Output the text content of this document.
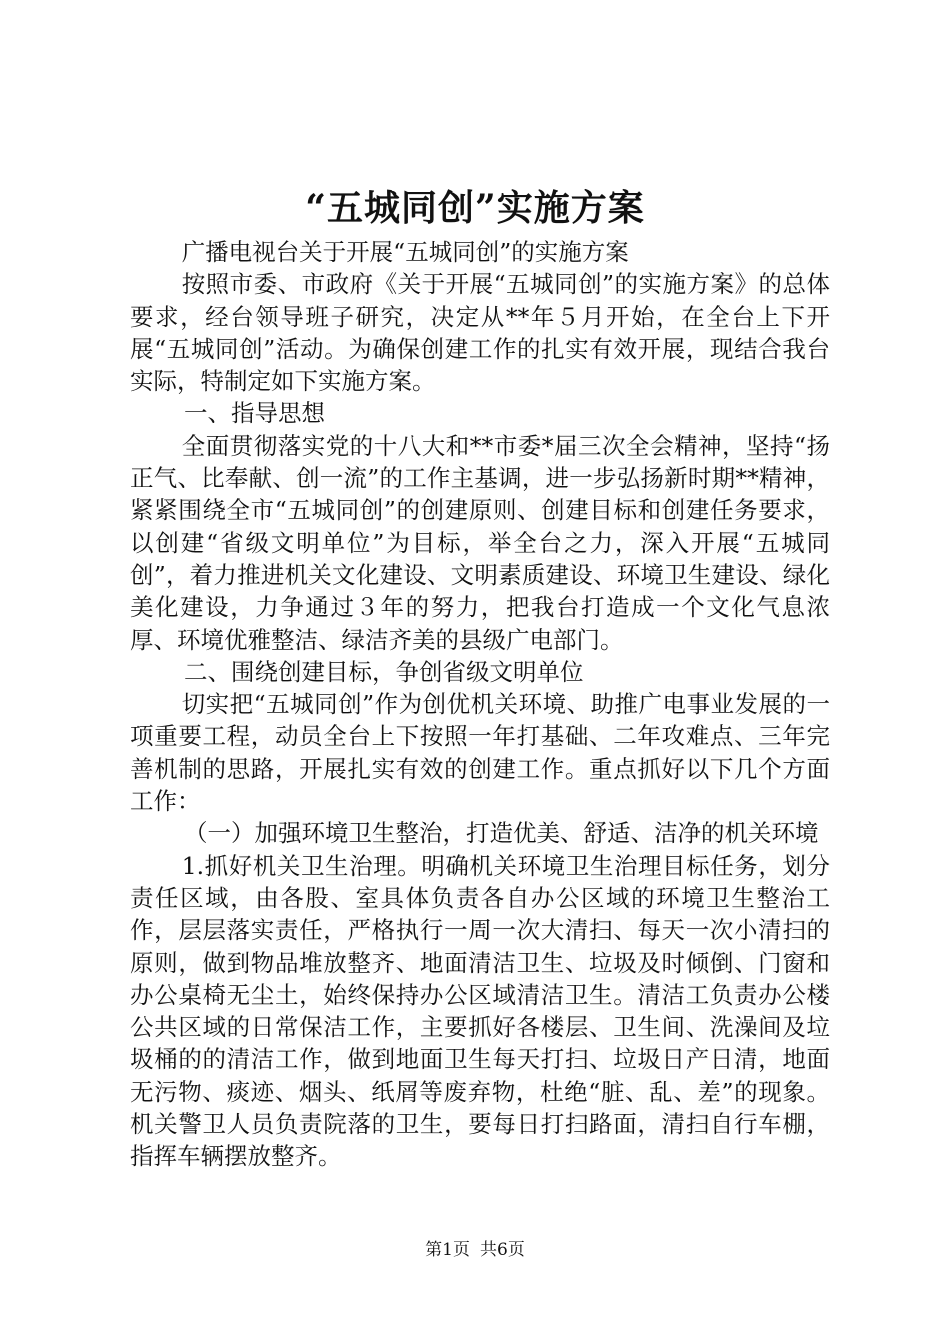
“五城同创”实施方案

广播电视台关于开展“五城同创”的实施方案

按照市委、市政府《关于开展“五城同创”的实施方案》的总体要求，经台领导班子研究，决定从**年５月开始，在全台上下开展“五城同创”活动。为确保创建工作的扎实有效开展，现结合我台实际，特制定如下实施方案。

一、指导思想

全面贯彻落实党的十八大和**市委*届三次全会精神，坚持“扬正气、比奉献、创一流”的工作主基调，进一步弘扬新时期**精神，紧紧围绕全市“五城同创”的创建原则、创建目标和创建任务要求，以创建“省级文明单位”为目标，举全台之力，深入开展“五城同创”，着力推进机关文化建设、文明素质建设、环境卫生建设、绿化美化建设，力争通过３年的努力，把我台打造成一个文化气息浓厚、环境优雅整洁、绿洁齐美的县级广电部门。

二、围绕创建目标，争创省级文明单位

切实把“五城同创”作为创优机关环境、助推广电事业发展的一项重要工程，动员全台上下按照一年打基础、二年攻难点、三年完善机制的思路，开展扎实有效的创建工作。重点抓好以下几个方面工作：

（一）加强环境卫生整治，打造优美、舒适、洁净的机关环境

1.抓好机关卫生治理。明确机关环境卫生治理目标任务，划分责任区域，由各股、室具体负责各自办公区域的环境卫生整治工作，层层落实责任，严格执行一周一次大清扫、每天一次小清扫的原则，做到物品堆放整齐、地面清洁卫生、垃圾及时倾倒、门窗和办公桌椅无尘土，始终保持办公区域清洁卫生。清洁工负责办公楼公共区域的日常保洁工作，主要抓好各楼层、卫生间、洗澡间及垃圾桶的的清洁工作，做到地面卫生每天打扫、垃圾日产日清，地面无污物、痰迹、烟头、纸屑等废弃物，杜绝“脏、乱、差”的现象。机关警卫人员负责院落的卫生，要每日打扫路面，清扫自行车棚，指挥车辆摆放整齐。

第1页 共6页
